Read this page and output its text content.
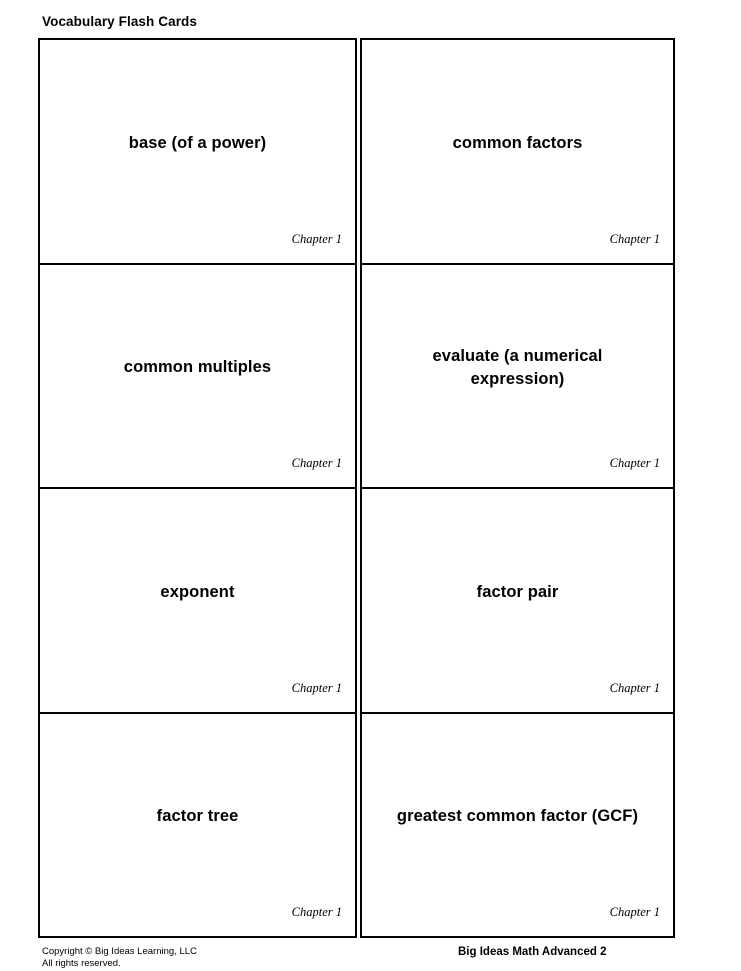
Vocabulary Flash Cards
base (of a power)
Chapter 1
common multiples
Chapter 1
exponent
Chapter 1
factor tree
Chapter 1
common factors
Chapter 1
evaluate (a numerical expression)
Chapter 1
factor pair
Chapter 1
greatest common factor (GCF)
Chapter 1
Copyright © Big Ideas Learning, LLC
All rights reserved.
Big Ideas Math Advanced 2
